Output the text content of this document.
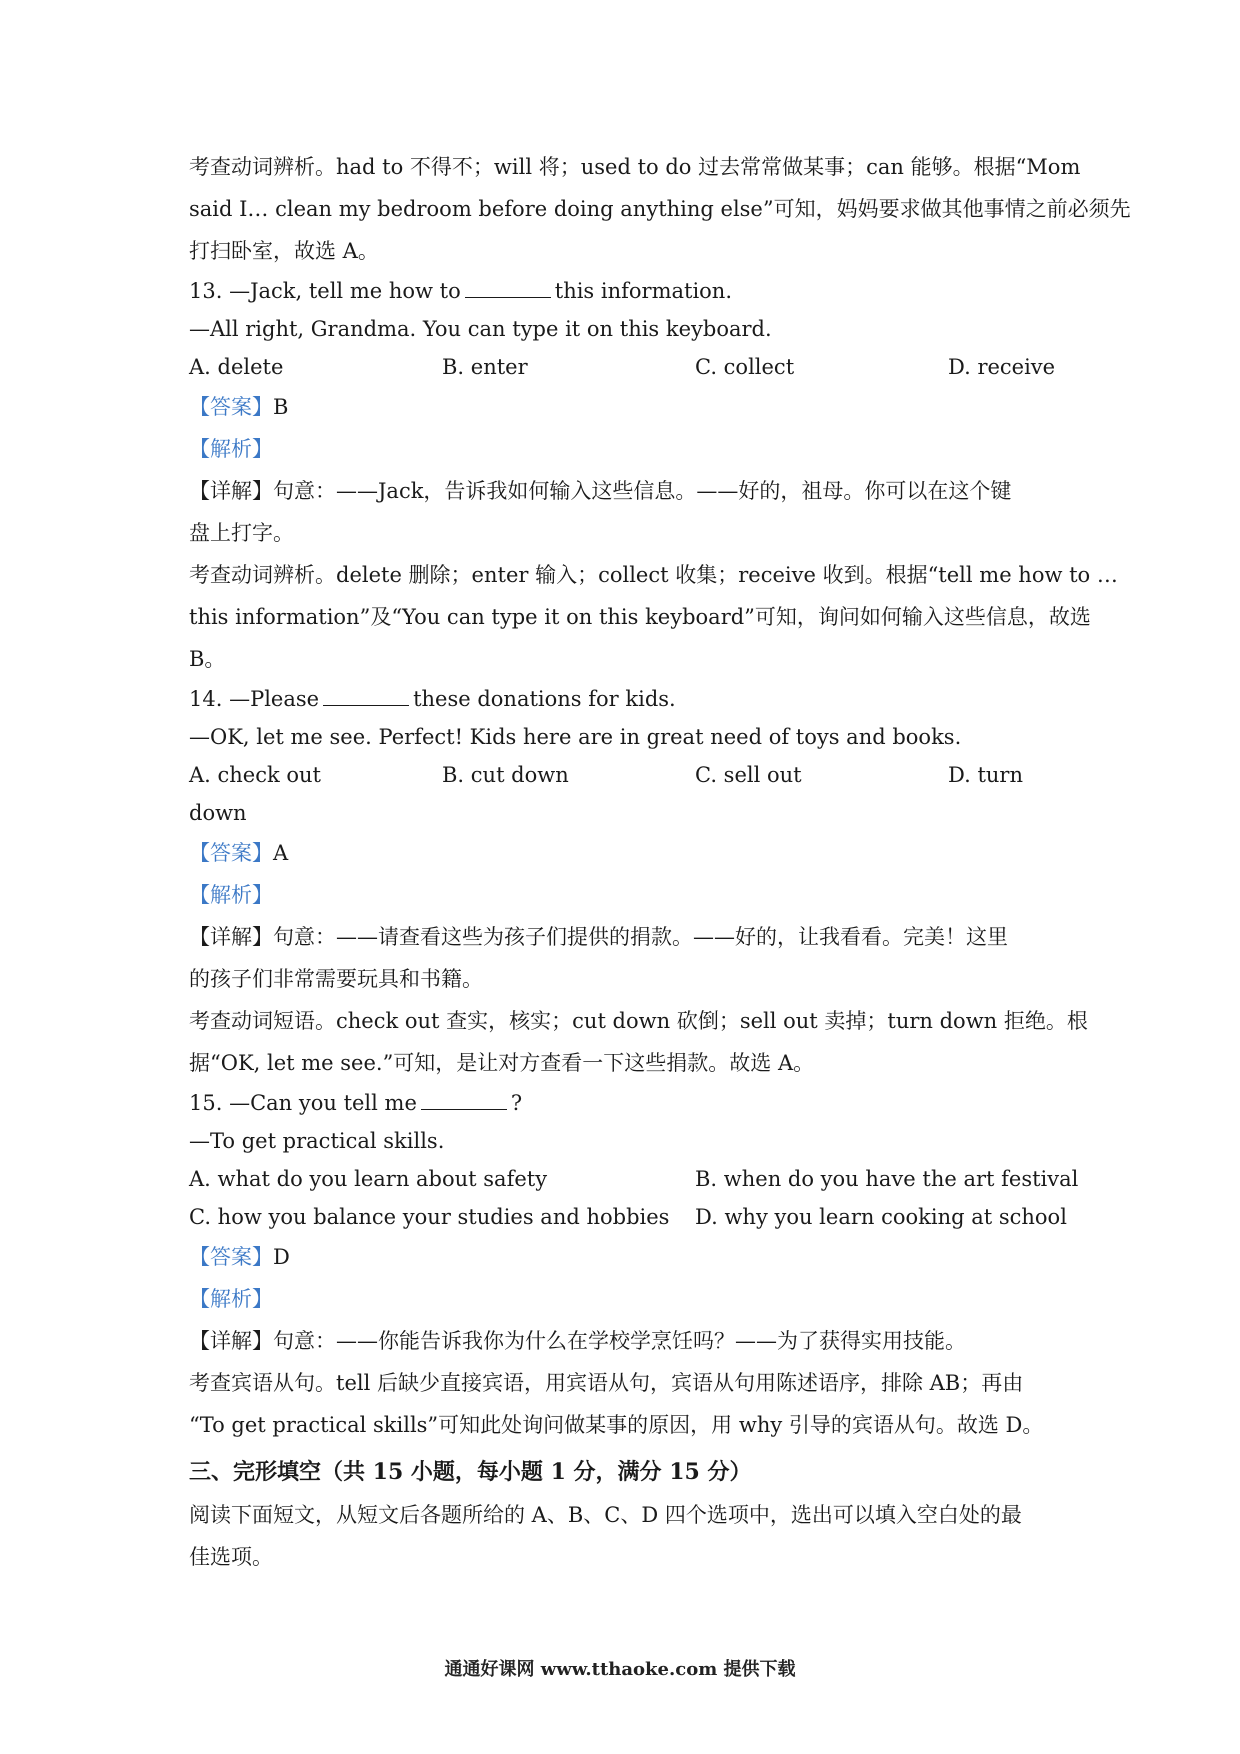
考查动词辨析。had to 不得不；will 将；used to do 过去常常做某事；can 能够。根据“Mom
said I… clean my bedroom before doing anything else”可知，妈妈要求做其他事情之前必须先
打扫卧室，故选 A。
13. —Jack, tell me how to	this information.
—All right, Grandma. You can type it on this keyboard.
A. delete	B. enter	C. collect	D. receive
【答案】B
【解析】
【详解】句意：——Jack，告诉我如何输入这些信息。——好的，祖母。你可以在这个键
盘上打字。
考查动词辨析。delete 删除；enter 输入；collect 收集；receive 收到。根据“tell me how to …
this information”及“You can type it on this keyboard”可知，询问如何输入这些信息，故选
B。
14. —Please	these donations for kids.
—OK, let me see. Perfect! Kids here are in great need of toys and books.
A. check out	B. cut down	C. sell out	D. turn
down
【答案】A
【解析】
【详解】句意：——请查看这些为孩子们提供的捐款。——好的，让我看看。完美！这里
的孩子们非常需要玩具和书籍。
考查动词短语。check out 查实，核实；cut down 砍倒；sell out 卖掉；turn down 拒绝。根
据“OK, let me see.”可知，是让对方查看一下这些捐款。故选 A。
15. —Can you tell me	?
—To get practical skills.
A. what do you learn about safety	B. when do you have the art festival
C. how you balance your studies and hobbies	D. why you learn cooking at school
【答案】D
【解析】
【详解】句意：——你能告诉我你为什么在学校学烹饪吗？——为了获得实用技能。
考查宾语从句。tell 后缺少直接宾语，用宾语从句，宾语从句用陈述语序，排除 AB；再由
“To get practical skills”可知此处询问做某事的原因，用 why 引导的宾语从句。故选 D。
三、完形填空（共 15 小题，每小题 1 分，满分 15 分）
阅读下面短文，从短文后各题所给的 A、B、C、D 四个选项中，选出可以填入空白处的最
佳选项。
通通好课网 www.tthaoke.com 提供下载
